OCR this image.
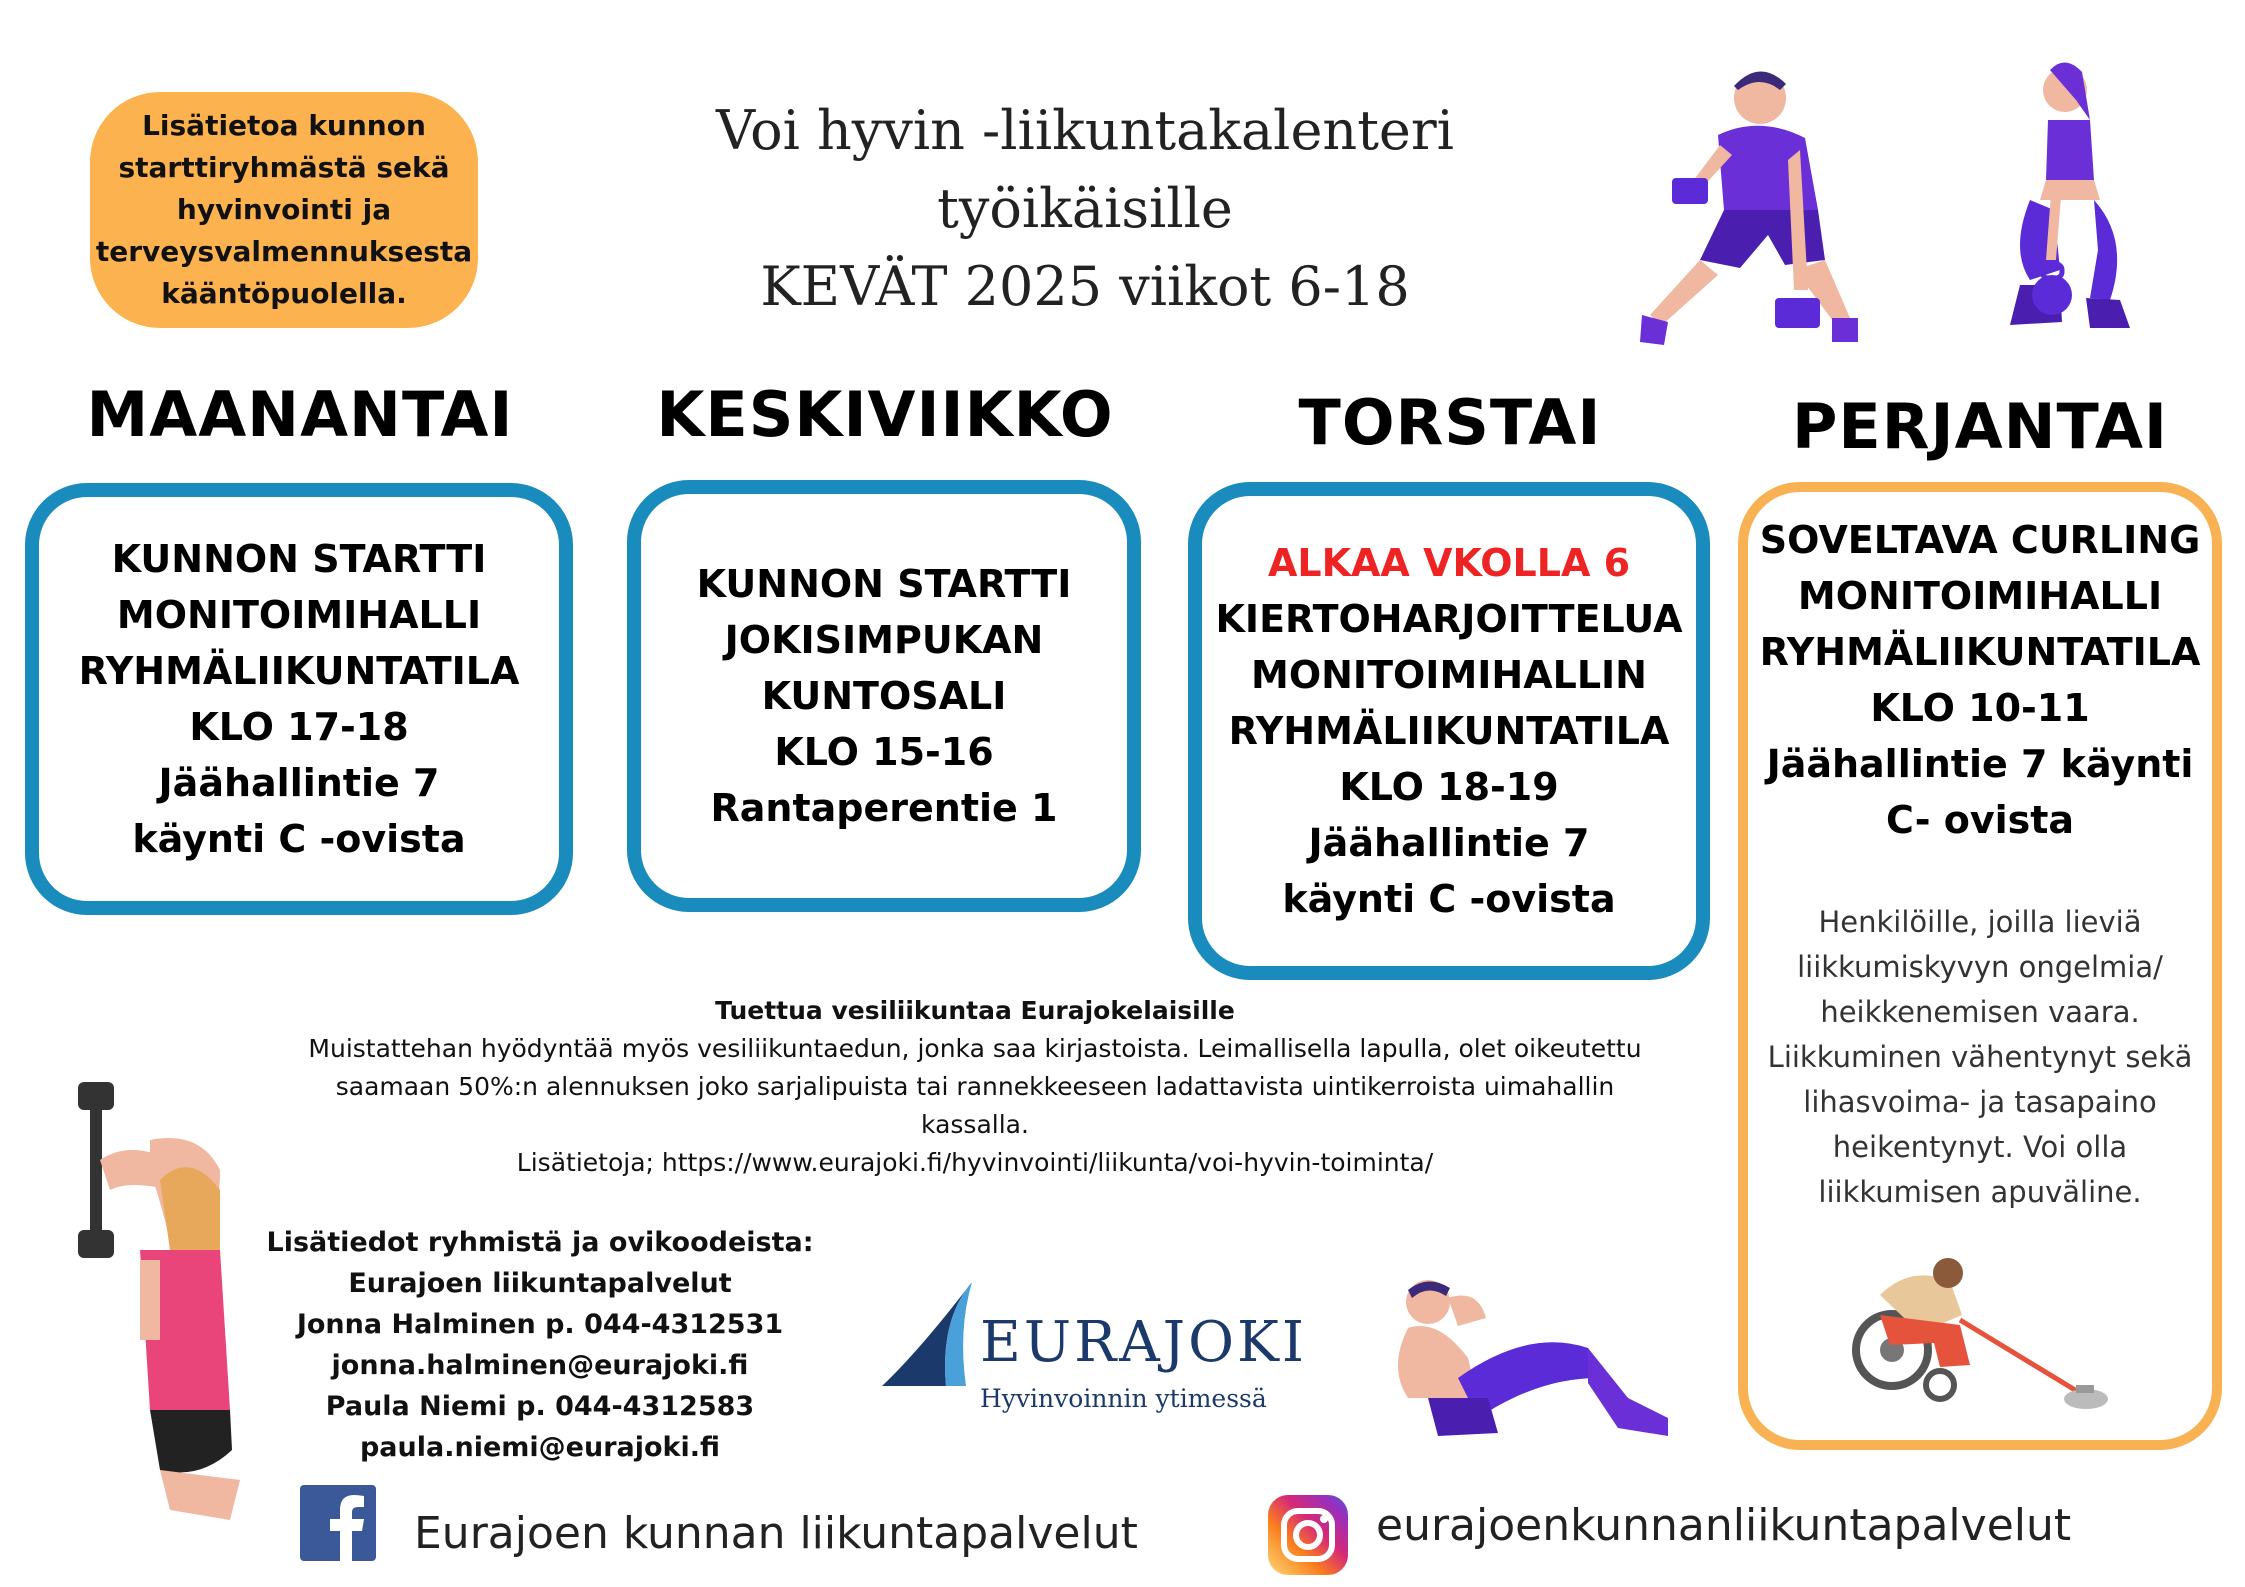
Lisätietoa kunnon
starttiryhmästä sekä
hyvinvointi ja
terveysvalmennuksesta
kääntöpuolella.
Voi hyvin -liikuntakalenteri
työikäisille
KEVÄT 2025 viikot 6-18
MAANANTAI	KESKIVIIKKO	TORSTAI	PERJANTAI
KUNNON STARTTI
MONITOIMIHALLI
RYHMÄLIIKUNTATILA
KLO 17-18
Jäähallintie 7
käynti C -ovista
KUNNON STARTTI
JOKISIMPUKAN
KUNTOSALI
KLO 15-16
Rantaperentie 1
ALKAA VKOLLA 6
KIERTOHARJOITTELUA
MONITOIMIHALLIN
RYHMÄLIIKUNTATILA
KLO 18-19
Jäähallintie 7
käynti C -ovista
SOVELTAVA CURLING
MONITOIMIHALLI
RYHMÄLIIKUNTATILA
KLO 10-11
Jäähallintie 7 käynti
C- ovista
Henkilöille, joilla lieviä
liikkumiskyvyn ongelmia/
heikkenemisen vaara.
Liikkuminen vähentynyt sekä
lihasvoima- ja tasapaino
heikentynyt. Voi olla
liikkumisen apuväline.
Tuettua vesiliikuntaa Eurajokelaisille
Muistattehan hyödyntää myös vesiliikuntaedun, jonka saa kirjastoista. Leimallisella lapulla, olet oikeutettu
saamaan 50%:n alennuksen joko sarjalipuista tai rannekkeeseen ladattavista uintikerroista uimahallin
kassalla.
Lisätietoja; https://www.eurajoki.fi/hyvinvointi/liikunta/voi-hyvin-toiminta/
Lisätiedot ryhmistä ja ovikoodeista:
Eurajoen liikuntapalvelut
Jonna Halminen p. 044-4312531
jonna.halminen@eurajoki.fi
Paula Niemi p. 044-4312583
paula.niemi@eurajoki.fi
EURAJOKI
Hyvinvoinnin ytimessä
Eurajoen kunnan liikuntapalvelut	eurajoenkunnanliikuntapalvelut
